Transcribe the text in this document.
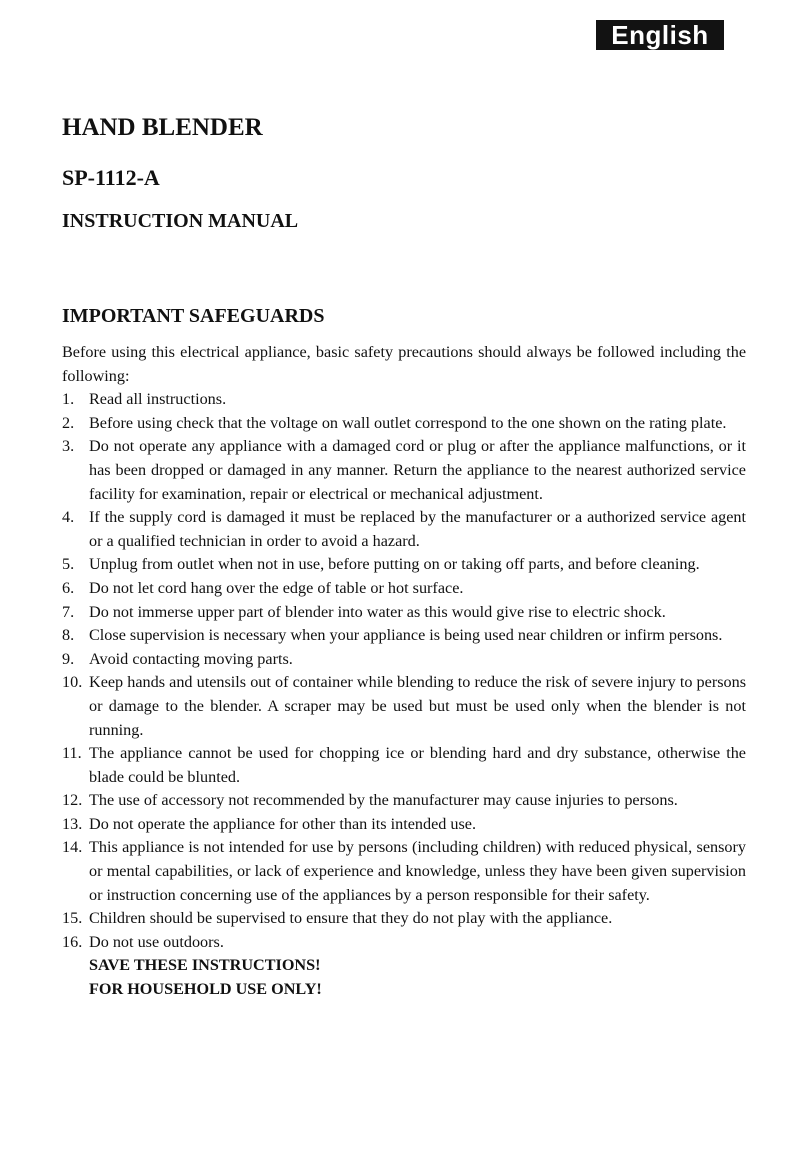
English
HAND BLENDER
SP-1112-A
INSTRUCTION MANUAL
IMPORTANT SAFEGUARDS

Before using this electrical appliance, basic safety precautions should always be followed including the following:

1. Read all instructions.
2. Before using check that the voltage on wall outlet correspond to the one shown on the rating plate.
3. Do not operate any appliance with a damaged cord or plug or after the appliance malfunctions, or it has been dropped or damaged in any manner. Return the appliance to the nearest authorized service facility for examination, repair or electrical or mechanical adjustment.
4. If the supply cord is damaged it must be replaced by the manufacturer or a authorized service agent or a qualified technician in order to avoid a hazard.
5. Unplug from outlet when not in use, before putting on or taking off parts, and before cleaning.
6. Do not let cord hang over the edge of table or hot surface.
7. Do not immerse upper part of blender into water as this would give rise to electric shock.
8. Close supervision is necessary when your appliance is being used near children or infirm persons.
9. Avoid contacting moving parts.
10. Keep hands and utensils out of container while blending to reduce the risk of severe injury to persons or damage to the blender. A scraper may be used but must be used only when the blender is not running.
11. The appliance cannot be used for chopping ice or blending hard and dry substance, otherwise the blade could be blunted.
12. The use of accessory not recommended by the manufacturer may cause injuries to persons.
13. Do not operate the appliance for other than its intended use.
14. This appliance is not intended for use by persons (including children) with reduced physical, sensory or mental capabilities, or lack of experience and knowledge, unless they have been given supervision or instruction concerning use of the appliances by a person responsible for their safety.
15. Children should be supervised to ensure that they do not play with the appliance.
16. Do not use outdoors.

SAVE THESE INSTRUCTIONS!

FOR HOUSEHOLD USE ONLY!
